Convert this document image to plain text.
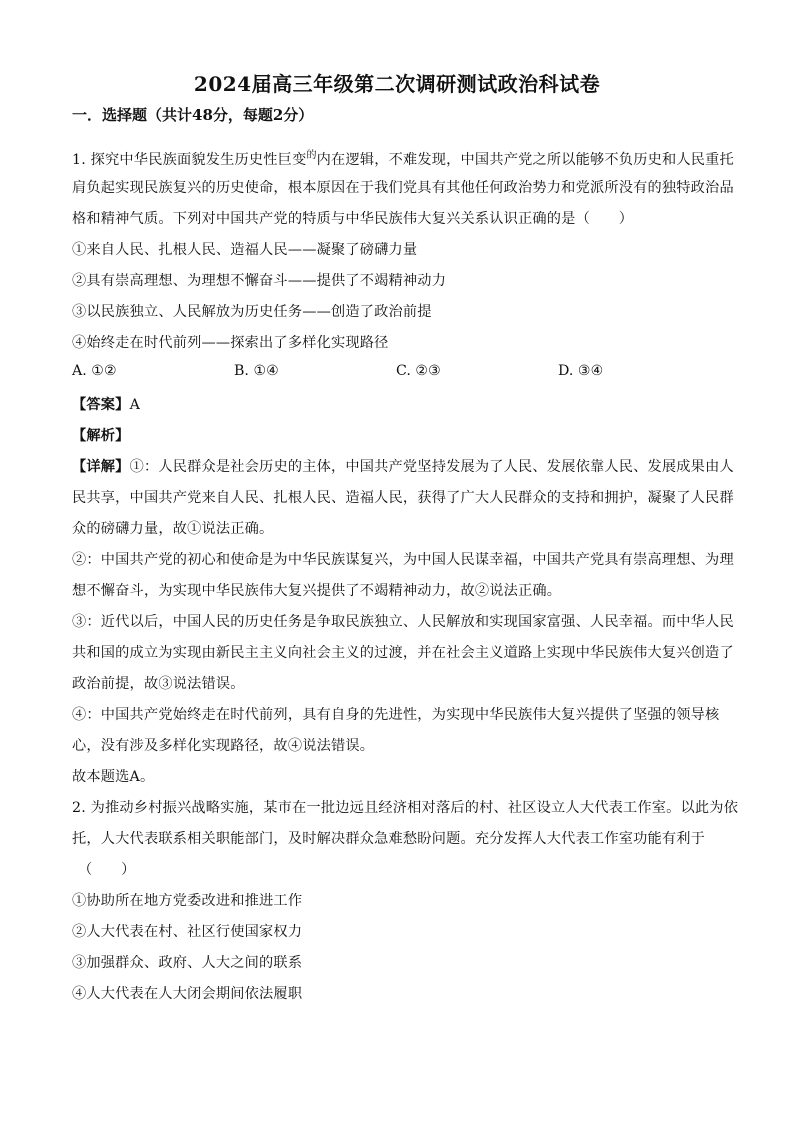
2024届高三年级第二次调研测试政治科试卷
一．选择题（共计48分，每题2分）
1. 探究中华民族面貌发生历史性巨变$^的$内在逻辑，不难发现，中国共产党之所以能够不负历史和人民重托
肩负起实现民族复兴的历史使命，根本原因在于我们党具有其他任何政治势力和党派所没有的独特政治品
格和精神气质。下列对中国共产党的特质与中华民族伟大复兴关系认识正确的是（　　）
①来自人民、扎根人民、造福人民——凝聚了磅礴力量
②具有崇高理想、为理想不懈奋斗——提供了不竭精神动力
③以民族独立、人民解放为历史任务——创造了政治前提
④始终走在时代前列——探索出了多样化实现路径
A. ①②	B. ①④	C. ②③	D. ③④
【答案】A
【解析】
【详解】①：人民群众是社会历史的主体，中国共产党坚持发展为了人民、发展依靠人民、发展成果由人
民共享，中国共产党来自人民、扎根人民、造福人民，获得了广大人民群众的支持和拥护，凝聚了人民群
众的磅礴力量，故①说法正确。
②：中国共产党的初心和使命是为中华民族谋复兴，为中国人民谋幸福，中国共产党具有崇高理想、为理
想不懈奋斗，为实现中华民族伟大复兴提供了不竭精神动力，故②说法正确。
③：近代以后，中国人民的历史任务是争取民族独立、人民解放和实现国家富强、人民幸福。而中华人民
共和国的成立为实现由新民主主义向社会主义的过渡，并在社会主义道路上实现中华民族伟大复兴创造了
政治前提，故③说法错误。
④：中国共产党始终走在时代前列，具有自身的先进性，为实现中华民族伟大复兴提供了坚强的领导核
心，没有涉及多样化实现路径，故④说法错误。
故本题选A。
2. 为推动乡村振兴战略实施，某市在一批边远且经济相对落后的村、社区设立人大代表工作室。以此为依
托，人大代表联系相关职能部门，及时解决群众急难愁盼问题。充分发挥人大代表工作室功能有利于
（　　）
①协助所在地方党委改进和推进工作
②人大代表在村、社区行使国家权力
③加强群众、政府、人大之间的联系
④人大代表在人大闭会期间依法履职
